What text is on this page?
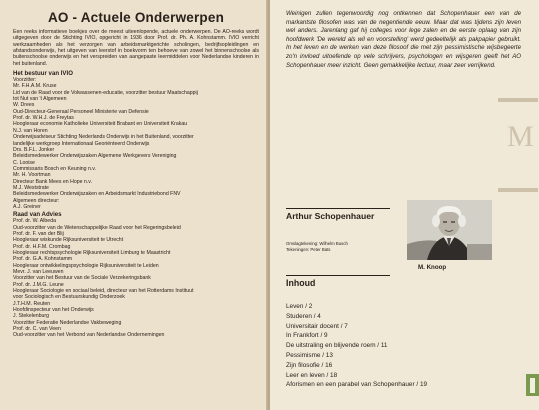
AO - Actuele Onderwerpen

Een reeks informatieve boekjes over de meest uiteenlopende, actuele onderwerpen. De AO-reeks wordt uitgegeven door de Stichting IVIO, opgericht in 1936 door Prof. dr. Ph. A. Kohnstamm. IVIO verricht werkzaamheden als het verzorgen van arbeidsmarktgerichte scholingen, bedrijfsopleidingen en afstandsonderwijs, het uitgeven van leerstof in boekvorm ten behoeve van zowel het binnenschoolse als buitenschoolse onderwijs en het verspreiden van aangepaste leermiddelen voor Nederlandse kinderen in het buitenland.

Het bestuur van IVIO
Voorzitter:
Mr. F.H.A.M. Kruse
Lid van de Raad voor de Volwassenen-educatie, voorzitter bestuur Maatschappij
tot Nut van 't Algemeen
W. Drees
Oud-Directeur-Generaal Personeel Ministerie van Defensie
Prof. dr. W.H.J. de Freytas
Hoogleraar economie Katholieke Universiteit Brabant en Universiteit Krakau
N.J. van Horen
Onderwijsadviseur Stichting Nederlands Onderwijs in het Buitenland, voorzitter
landelijke werkgroep Internationaal Georiënteerd Onderwijs
Drs. B.F.L. Jonker
Beleidsmedewerker Onderwijszaken Algemene Werkgevers Vereniging
C. Looise
Commissaris Bosch en Keuning n.v.
Mr. H. Voortman
Directeur Bank Mees en Hope n.v.
M.J. Weststrate
Beleidsmedewerker Onderwijszaken en Arbeidsmarkt Industriebond FNV
Algemeen directeur:
A.J. Greiner
Raad van Advies
Prof. dr. W. Albeda
Oud-voorzitter van de Wetenschappelijke Raad voor het Regeringsbeleid
Prof. dr. F. van der Blij
Hoogleraar wiskunde Rijksuniversiteit te Utrecht
Prof. dr. H.F.M. Crombag
Hoogleraar rechtspsychologie Rijksuniversiteit Limburg te Maastricht
Prof. dr. G.A. Kohnstamm
Hoogleraar ontwikkelingspsychologie Rijksuniversiteit te Leiden
Mevr. J. van Leeuwen
Voorzitter van het Bestuur van de Sociale Verzekeringsbank
Prof. dr. J.M.G. Leune
Hoogleraar Sociologie en sociaal beleid, directeur van het Rotterdams Instituut
voor Sociologisch en Bestuurskundig Onderzoek
J.T.H.M. Reuten
Hoofdinspecteur van het Onderwijs
J. Stekelenburg
Voorzitter Federatie Nederlandse Vakbeweging
Prof. dr. C. van Veen
Oud-voorzitter van het Verbond van Nederlandse Ondernemingen
Weinigen zullen tegenwoordig nog ontkennen dat Schopenhauer een van de markantste filosofen was van de negentiende eeuw. Maar dat was tijdens zijn leven wel anders. Jarenlang gaf hij colleges voor lege zalen en de eerste oplaag van zijn hoofdwerk 'De wereld als wil en voorstelling' werd gedeeltelijk als pakpapier gebruikt. In het leven en de werken van deze filosoof die met zijn pessimistische wijsbegeerte zo'n invloed uitoefende op vele schrijvers, psychologen en wijsgeren geeft het AO Schopenhauer meer inzicht. Geen gemakkelijke lectuur, maar zeer verrijkend.
M
Arthur Schopenhauer
Omslagtekening: Wilhelm Busch
Tekeningen: Peter Bats
M. Knoop
Inhoud
Leven / 2
Studeren / 4
Universitair docent / 7
In Frankfort / 9
De uitstraling en blijvende roem / 11
Pessimisme / 13
Zijn filosofie / 16
Leer en leven / 18
Aforismen en een parabel van Schopenhauer / 19
